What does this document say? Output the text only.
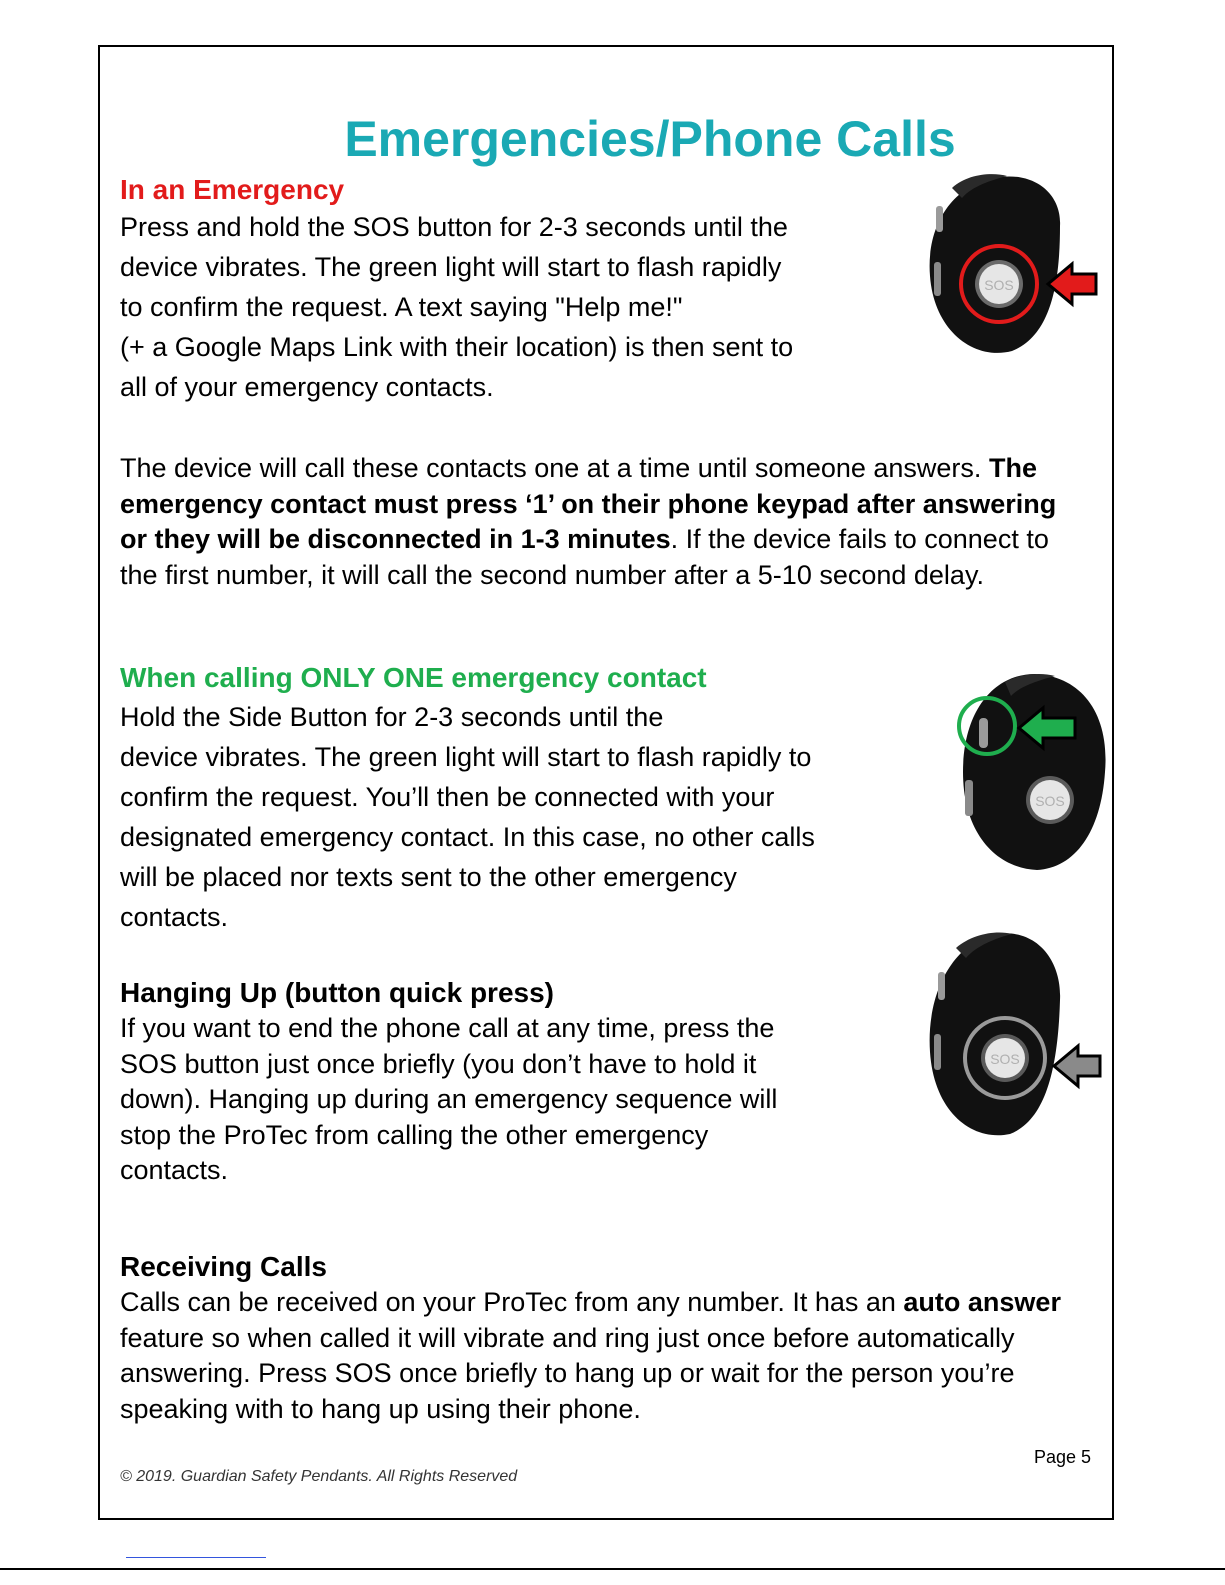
Emergencies/Phone Calls
In an Emergency
Press and hold the SOS button for 2-3 seconds until the
device vibrates. The green light will start to flash rapidly
to confirm the request. A text saying "Help me!"
(+ a Google Maps Link with their location) is then sent to
all of your emergency contacts.
SOS

The device will call these contacts one at a time until someone answers. The emergency contact must press ‘1’ on their phone keypad after answering or they will be disconnected in 1-3 minutes. If the device fails to connect to the first number, it will call the second number after a 5-10 second delay.

When calling ONLY ONE emergency contact
Hold the Side Button for 2-3 seconds until the
device vibrates. The green light will start to flash rapidly to
confirm the request. You’ll then be connected with your
designated emergency contact. In this case, no other calls
will be placed nor texts sent to the other emergency
contacts.
SOS
Hanging Up (button quick press)
If you want to end the phone call at any time, press the
SOS button just once briefly (you don’t have to hold it
down). Hanging up during an emergency sequence will
stop the ProTec from calling the other emergency
contacts.
SOS
Receiving Calls

Calls can be received on your ProTec from any number. It has an auto answer feature so when called it will vibrate and ring just once before automatically answering. Press SOS once briefly to hang up or wait for the person you’re speaking with to hang up using their phone.

Page 5

© 2019. Guardian Safety Pendants. All Rights Reserved
